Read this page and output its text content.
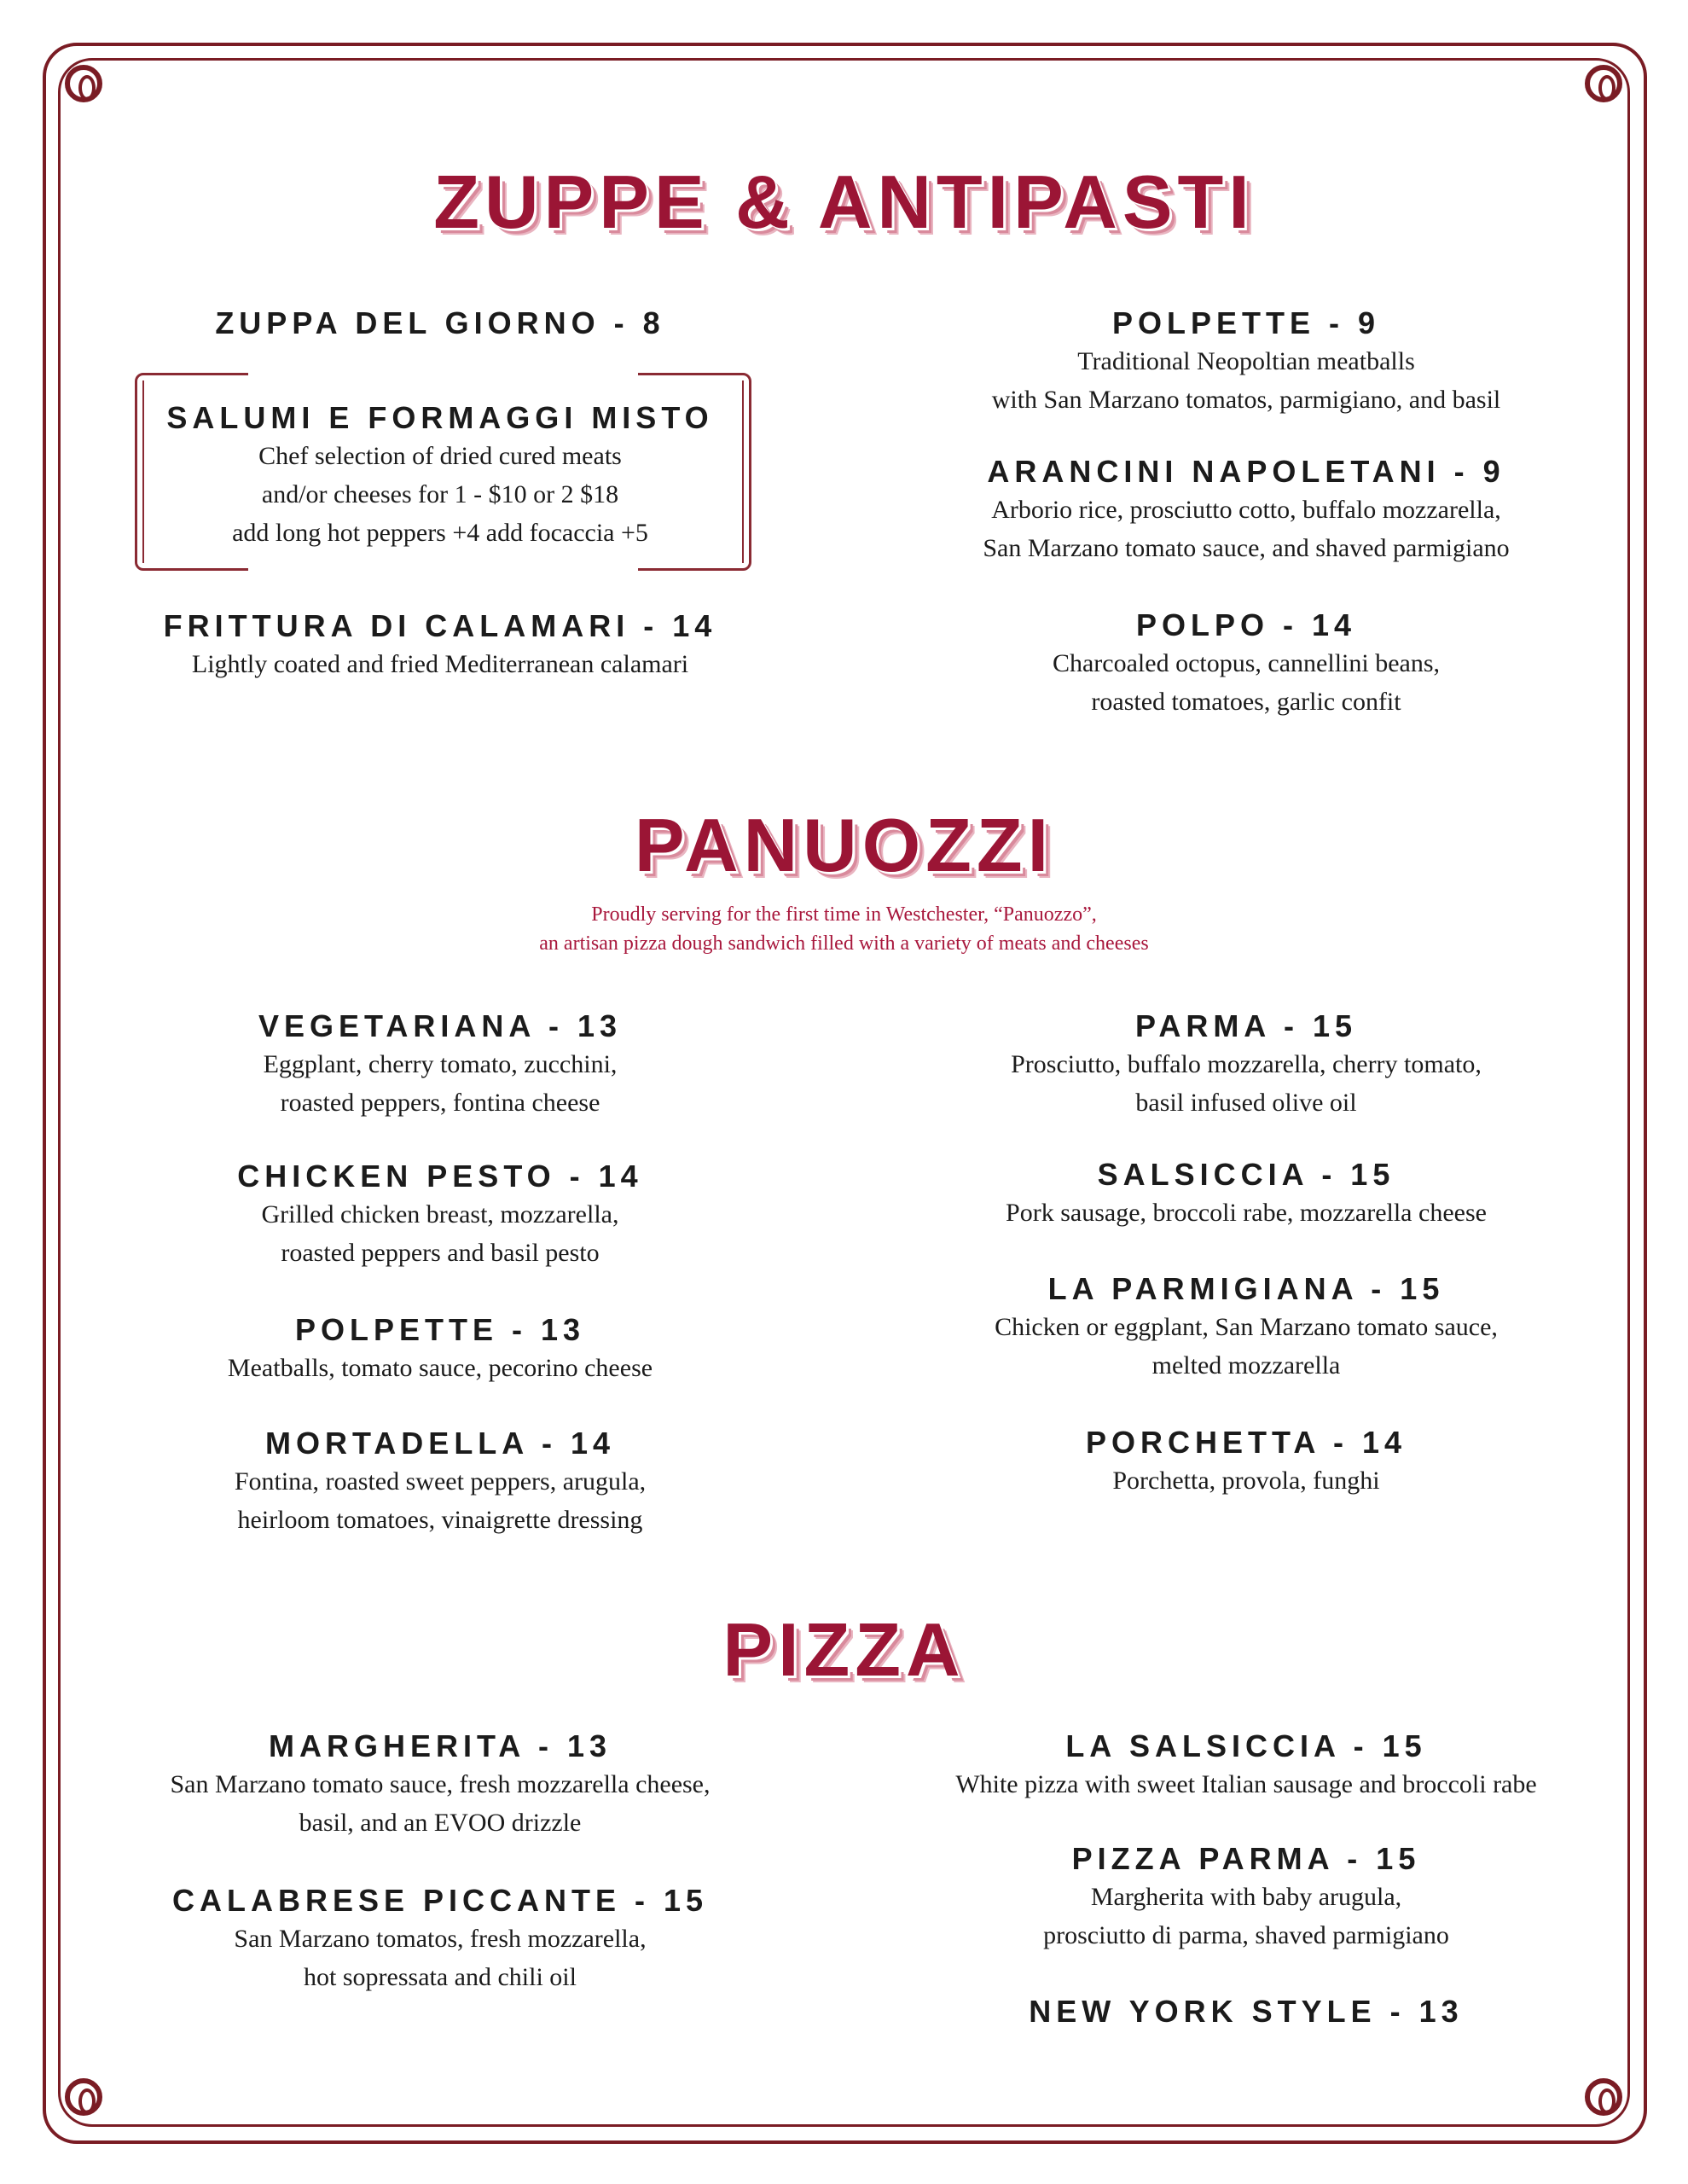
ZUPPE & ANTIPASTI
PANUOZZI
Proudly serving for the first time in Westchester, “Panuozzo”,
an artisan pizza dough sandwich filled with a variety of meats and cheeses
PIZZA
ZUPPA DEL GIORNO - 8
SALUMI E FORMAGGI MISTO

Chef selection of dried cured meats

and/or cheeses for 1 - $10 or 2 $18

add long hot peppers +4 add focaccia +5

FRITTURA DI CALAMARI - 14

Lightly coated and fried Mediterranean calamari

POLPETTE - 9

Traditional Neopoltian meatballs

with San Marzano tomatos, parmigiano, and basil

ARANCINI NAPOLETANI - 9

Arborio rice, prosciutto cotto, buffalo mozzarella,

San Marzano tomato sauce, and shaved parmigiano

POLPO - 14

Charcoaled octopus, cannellini beans,

roasted tomatoes, garlic confit

VEGETARIANA - 13

Eggplant, cherry tomato, zucchini,

roasted peppers, fontina cheese

CHICKEN PESTO - 14

Grilled chicken breast, mozzarella,

roasted peppers and basil pesto

POLPETTE - 13

Meatballs, tomato sauce, pecorino cheese

MORTADELLA - 14

Fontina, roasted sweet peppers, arugula,

heirloom tomatoes, vinaigrette dressing

PARMA - 15

Prosciutto, buffalo mozzarella, cherry tomato,

basil infused olive oil

SALSICCIA - 15

Pork sausage, broccoli rabe, mozzarella cheese

LA PARMIGIANA - 15

Chicken or eggplant, San Marzano tomato sauce,

melted mozzarella

PORCHETTA - 14

Porchetta, provola, funghi

MARGHERITA - 13

San Marzano tomato sauce, fresh mozzarella cheese,

basil, and an EVOO drizzle

CALABRESE PICCANTE - 15

San Marzano tomatos, fresh mozzarella,

hot sopressata and chili oil

LA SALSICCIA - 15

White pizza with sweet Italian sausage and broccoli rabe

PIZZA PARMA - 15

Margherita with baby arugula,

prosciutto di parma, shaved parmigiano

NEW YORK STYLE - 13
